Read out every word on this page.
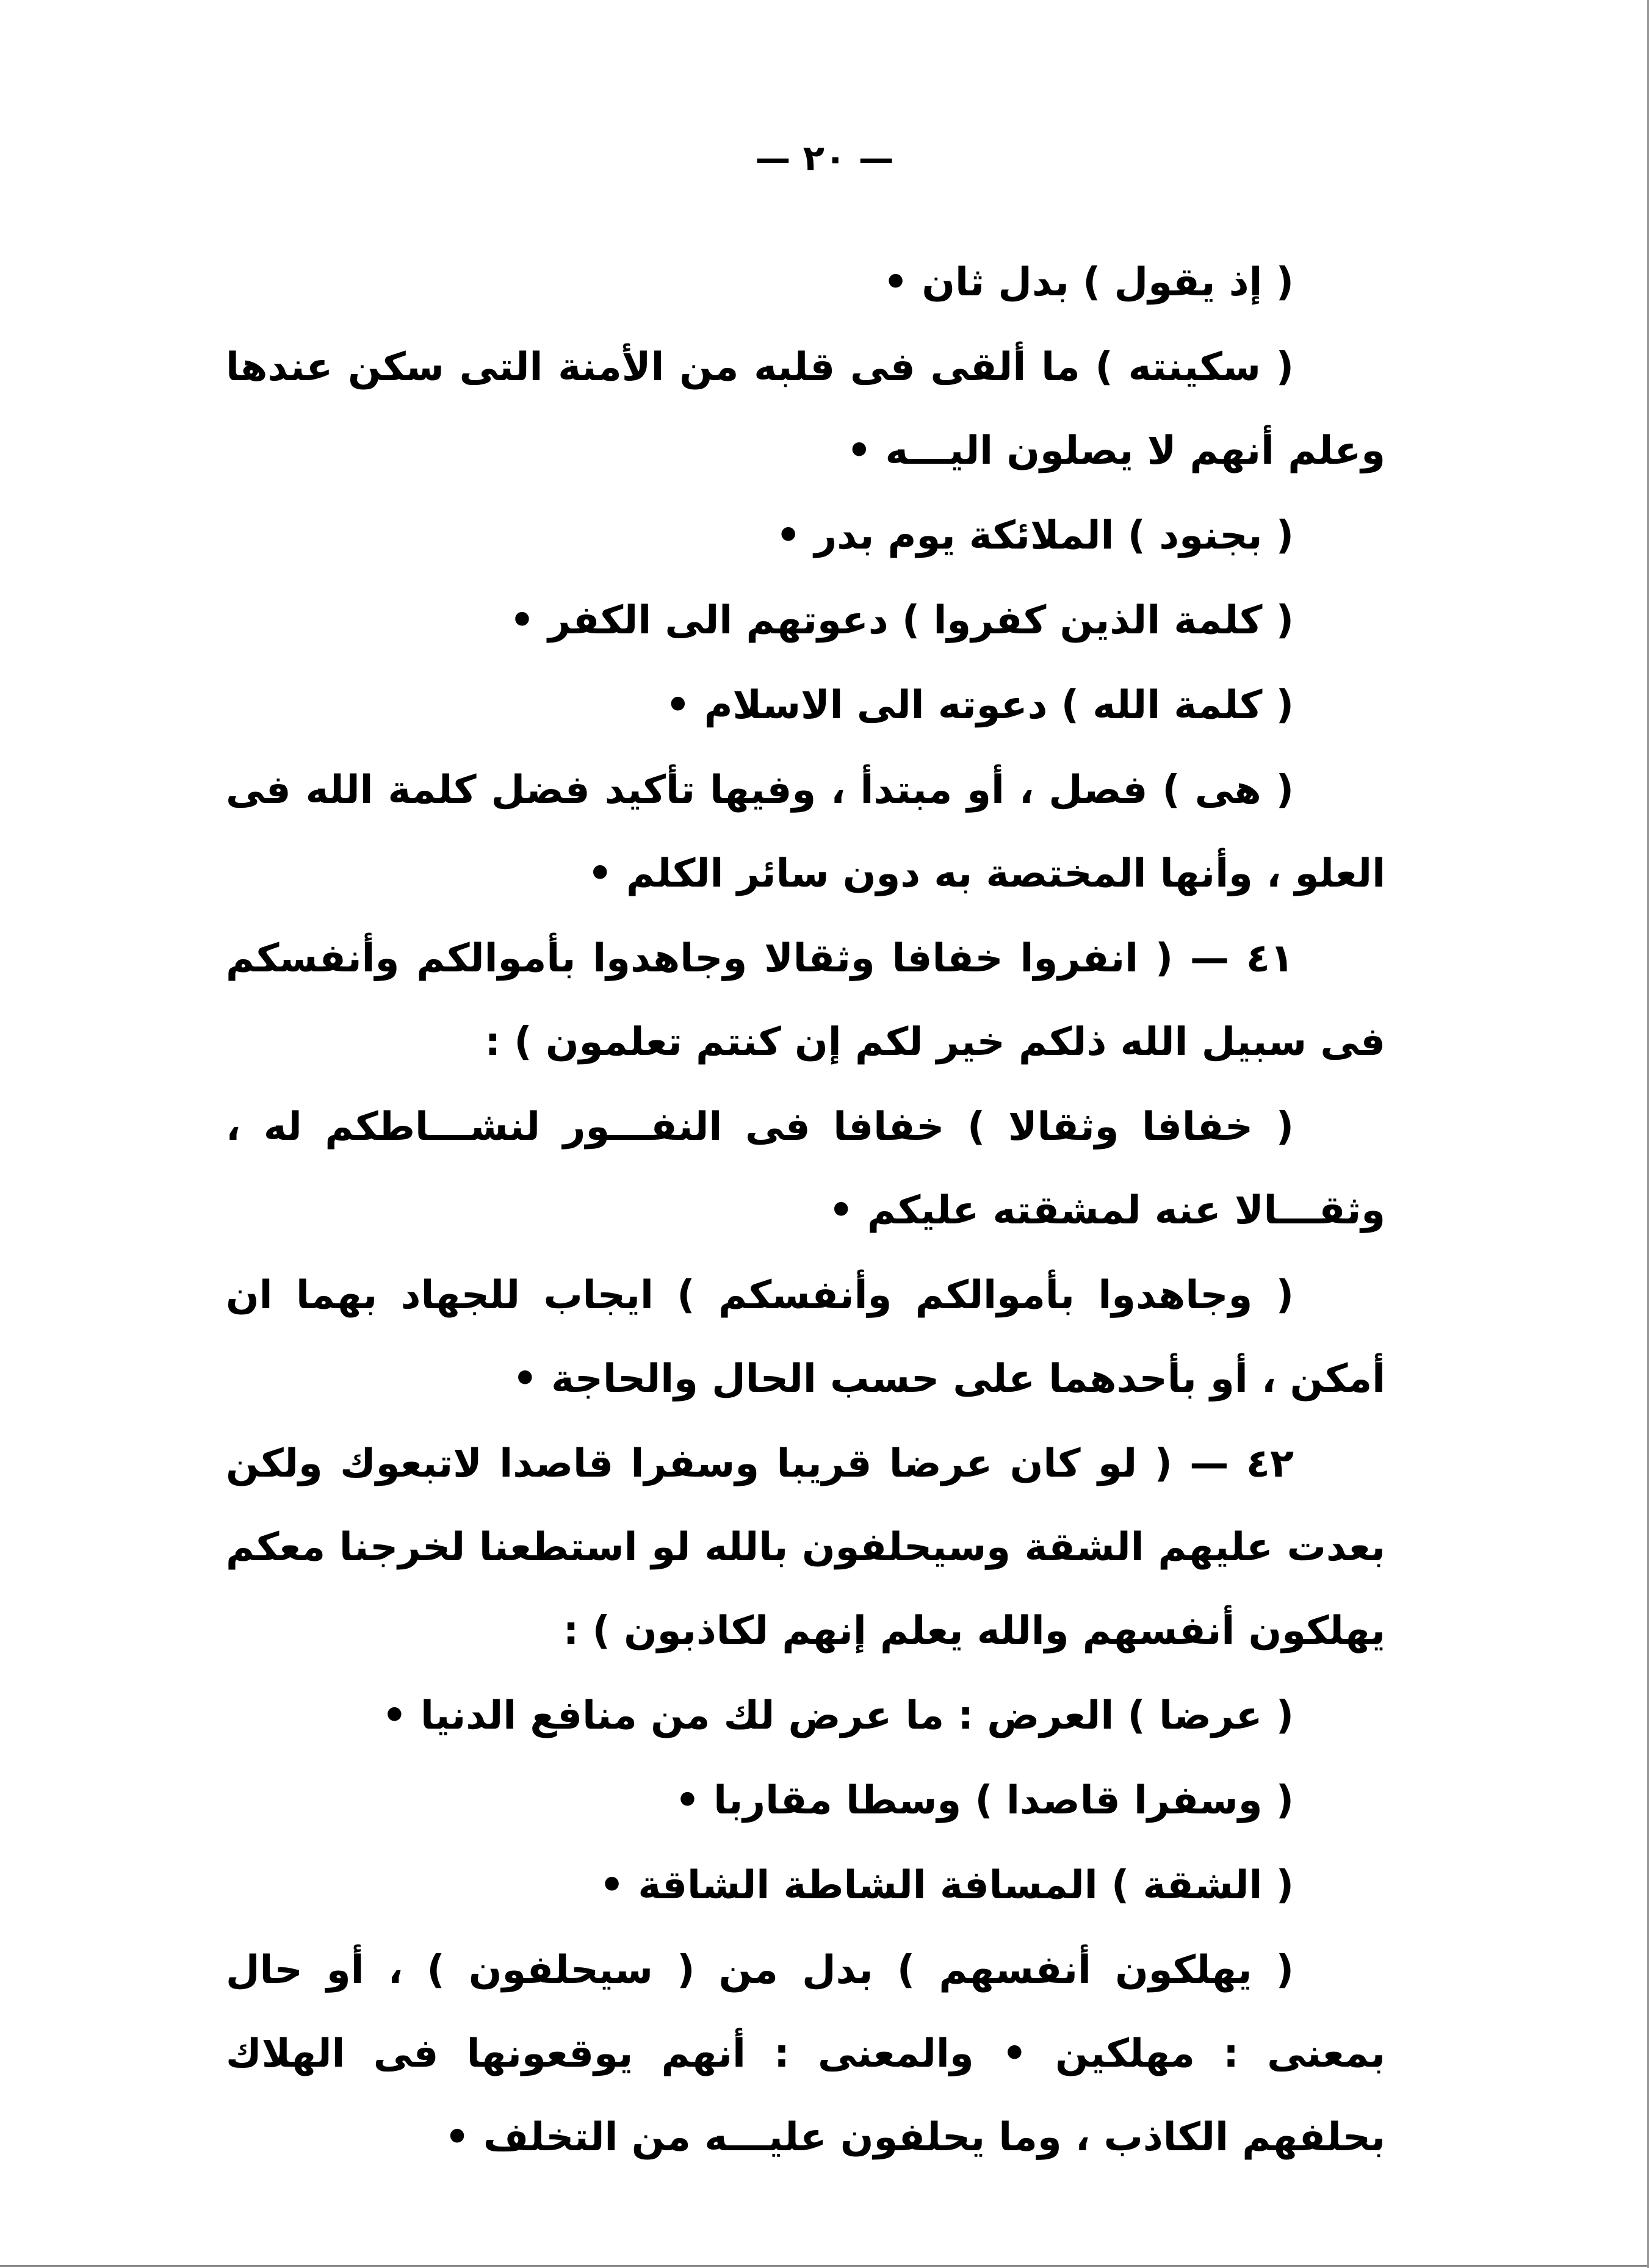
— ٢٠ —

( إذ يقول ) بدل ثان •

( سكينته ) ما ألقى فى قلبه من الأمنة التى سكن عندها وعلم أنهم لا يصلون اليـــه •

( بجنود ) الملائكة يوم بدر •

( كلمة الذين كفروا ) دعوتهم الى الكفر •

( كلمة الله ) دعوته الى الاسلام •

( هى ) فصل ، أو مبتدأ ، وفيها تأكيد فضل كلمة الله فى العلو ، وأنها المختصة به دون سائر الكلم •

٤١ — ( انفروا خفافا وثقالا وجاهدوا بأموالكم وأنفسكم فى سبيل الله ذلكم خير لكم إن كنتم تعلمون ) :

( خفافا وثقالا ) خفافا فى النفـــور لنشـــاطكم له ، وثقـــالا عنه لمشقته عليكم •

( وجاهدوا بأموالكم وأنفسكم ) ايجاب للجهاد بهما ان أمكن ، أو بأحدهما على حسب الحال والحاجة •

٤٢ — ( لو كان عرضا قريبا وسفرا قاصدا لاتبعوك ولكن بعدت عليهم الشقة وسيحلفون بالله لو استطعنا لخرجنا معكم يهلكون أنفسهم والله يعلم إنهم لكاذبون ) :

( عرضا ) العرض : ما عرض لك من منافع الدنيا •

( وسفرا قاصدا ) وسطا مقاربا •

( الشقة ) المسافة الشاطة الشاقة •

( يهلكون أنفسهم ) بدل من ( سيحلفون ) ، أو حال بمعنى : مهلكين • والمعنى : أنهم يوقعونها فى الهلاك بحلفهم الكاذب ، وما يحلفون عليـــه من التخلف •
